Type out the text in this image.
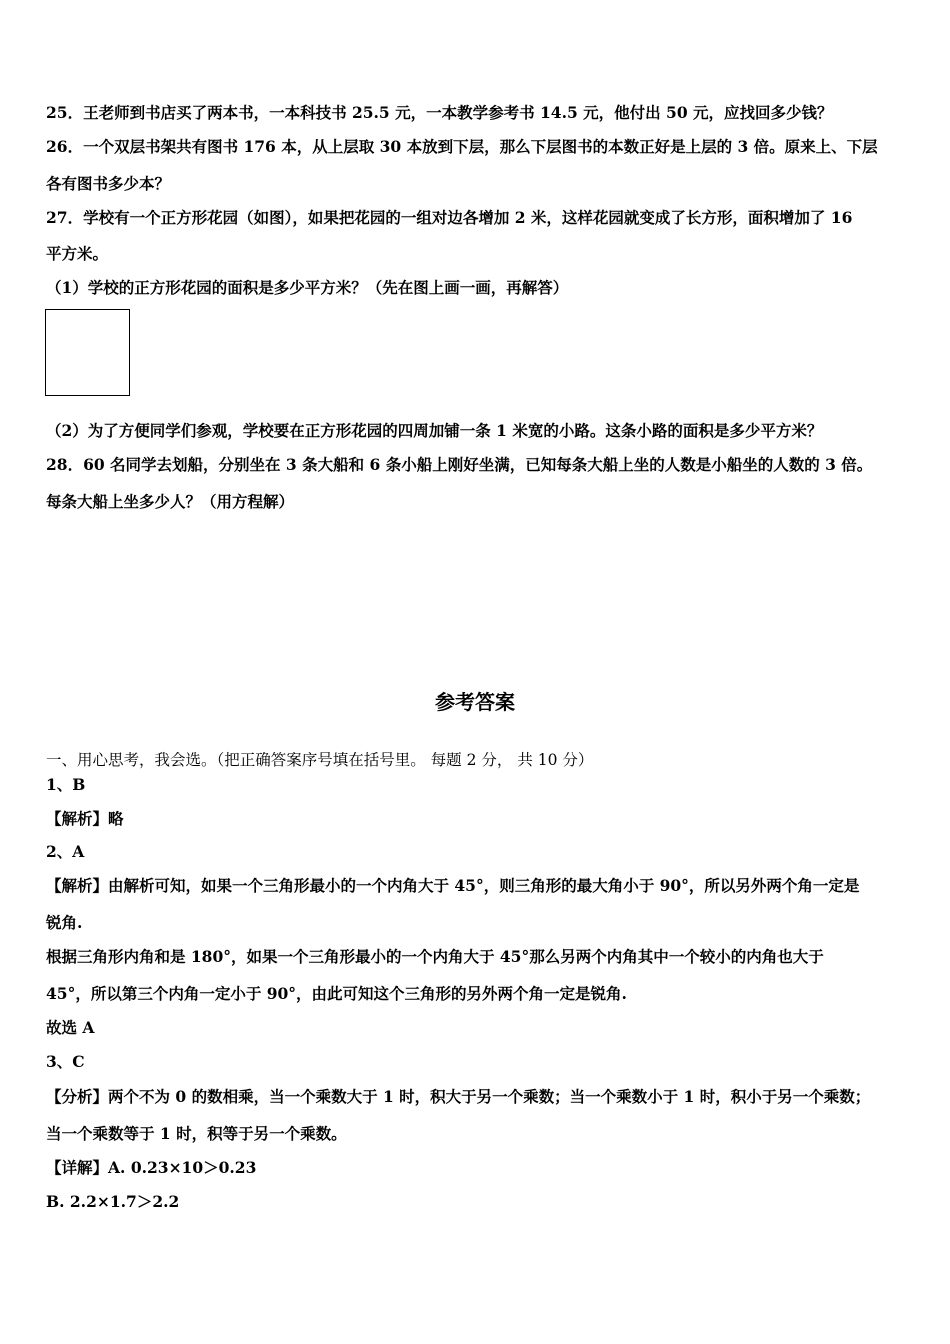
25．王老师到书店买了两本书，一本科技书 25.5 元，一本教学参考书 14.5 元，他付出 50 元，应找回多少钱？
26．一个双层书架共有图书 176 本，从上层取 30 本放到下层，那么下层图书的本数正好是上层的 3 倍。原来上、下层
各有图书多少本？
27．学校有一个正方形花园（如图），如果把花园的一组对边各增加 2 米，这样花园就变成了长方形，面积增加了 16
平方米。
（1）学校的正方形花园的面积是多少平方米？（先在图上画一画，再解答）
（2）为了方便同学们参观，学校要在正方形花园的四周加铺一条 1 米宽的小路。这条小路的面积是多少平方米？
28．60 名同学去划船，分别坐在 3 条大船和 6 条小船上刚好坐满，已知每条大船上坐的人数是小船坐的人数的 3 倍。
每条大船上坐多少人？（用方程解）
参考答案
一、用心思考，我会选。（把正确答案序号填在括号里。 每题 2 分， 共 10 分）
1、B
【解析】略
2、A
【解析】由解析可知，如果一个三角形最小的一个内角大于 45°，则三角形的最大角小于 90°，所以另外两个角一定是
锐角.
根据三角形内角和是 180°，如果一个三角形最小的一个内角大于 45°那么另两个内角其中一个较小的内角也大于
45°，所以第三个内角一定小于 90°，由此可知这个三角形的另外两个角一定是锐角.
故选 A
3、C
【分析】两个不为 0 的数相乘，当一个乘数大于 1 时，积大于另一个乘数；当一个乘数小于 1 时，积小于另一个乘数；
当一个乘数等于 1 时，积等于另一个乘数。
【详解】A. 0.23×10＞0.23
B. 2.2×1.7＞2.2
